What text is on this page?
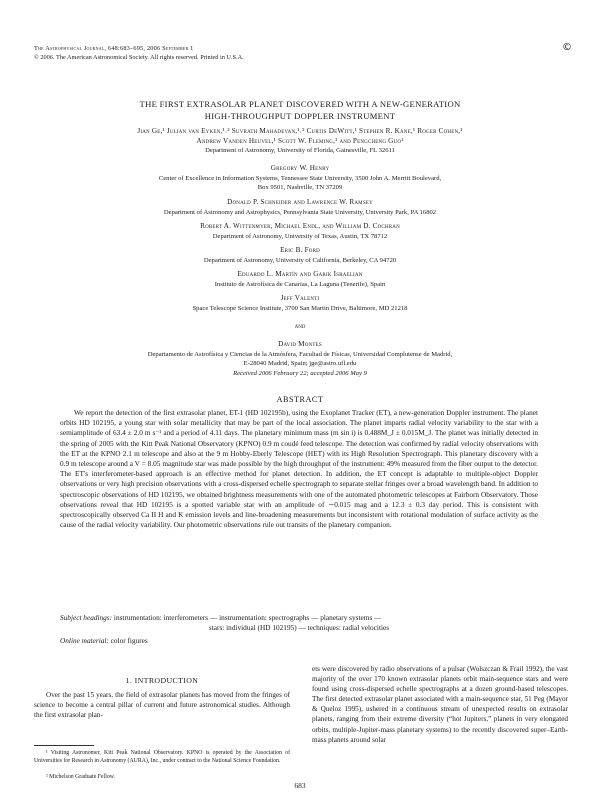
The Astrophysical Journal, 648:683–695, 2006 September 1
© 2006. The American Astronomical Society. All rights reserved. Printed in U.S.A.
©
THE FIRST EXTRASOLAR PLANET DISCOVERED WITH A NEW-GENERATION
HIGH-THROUGHPUT DOPPLER INSTRUMENT
Jian Ge,¹ Julian van Eyken,¹˒² Suvrath Mahadevan,¹˒² Curtis DeWitt,¹ Stephen R. Kane,¹ Roger Cohen,¹
Andrew Vanden Heuvel,¹ Scott W. Fleming,¹ and Pengcheng Guo¹
Department of Astronomy, University of Florida, Gainesville, FL 32611
Gregory W. Henry
Center of Excellence in Information Systems, Tennessee State University, 3500 John A. Merritt Boulevard,
Box 9501, Nashville, TN 37209
Donald P. Schneider and Lawrence W. Ramsey
Department of Astronomy and Astrophysics, Pennsylvania State University, University Park, PA 16802
Robert A. Wittenmyer, Michael Endl, and William D. Cochran
Department of Astronomy, University of Texas, Austin, TX 78712
Eric B. Ford
Department of Astronomy, University of California, Berkeley, CA 94720
Eduardo L. Martín and Garik Israelian
Instituto de Astrofísica de Canarias, La Laguna (Tenerife), Spain
Jeff Valenti
Space Telescope Science Institute, 3700 San Martin Drive, Baltimore, MD 21218
and
David Montes
Departamento de Astrofísica y Ciencias de la Atmósfera, Facultad de Físicas, Universidad Complutense de Madrid,
E-28040 Madrid, Spain; jge@astro.ufl.edu
Received 2006 February 22; accepted 2006 May 9
ABSTRACT
We report the detection of the first extrasolar planet, ET-1 (HD 102195b), using the Exoplanet Tracker (ET), a new-generation Doppler instrument. The planet orbits HD 102195, a young star with solar metallicity that may be part of the local association. The planet imparts radial velocity variability to the star with a semiamplitude of 63.4 ± 2.0 m s⁻¹ and a period of 4.11 days. The planetary minimum mass (m sin i) is 0.488M_J ± 0.015M_J. The planet was initially detected in the spring of 2005 with the Kitt Peak National Observatory (KPNO) 0.9 m coudé feed telescope. The detection was confirmed by radial velocity observations with the ET at the KPNO 2.1 m telescope and also at the 9 m Hobby-Eberly Telescope (HET) with its High Resolution Spectrograph. This planetary discovery with a 0.9 m telescope around a V = 8.05 magnitude star was made possible by the high throughput of the instrument: 49% measured from the fiber output to the detector. The ET's interferometer-based approach is an effective method for planet detection. In addition, the ET concept is adaptable to multiple-object Doppler observations or very high precision observations with a cross-dispersed echelle spectrograph to separate stellar fringes over a broad wavelength band. In addition to spectroscopic observations of HD 102195, we obtained brightness measurements with one of the automated photometric telescopes at Fairborn Observatory. Those observations reveal that HD 102195 is a spotted variable star with an amplitude of ∼0.015 mag and a 12.3 ± 0.3 day period. This is consistent with spectroscopically observed Ca II H and K emission levels and line-broadening measurements but inconsistent with rotational modulation of surface activity as the cause of the radial velocity variability. Our photometric observations rule out transits of the planetary companion.
Subject headings: instrumentation: interferometers — instrumentation: spectrographs — planetary systems —
stars: individual (HD 102195) — techniques: radial velocities
Online material: color figures
1. INTRODUCTION
Over the past 15 years, the field of extrasolar planets has moved from the fringes of science to become a central pillar of current and future astronomical studies. Although the first extrasolar plan-
ets were discovered by radio observations of a pulsar (Wolszczan & Frail 1992), the vast majority of the over 170 known extrasolar planets orbit main-sequence stars and were found using cross-dispersed echelle spectrographs at a dozen ground-based telescopes. The first detected extrasolar planet associated with a main-sequence star, 51 Peg (Mayor & Queloz 1995), ushered in a continuous stream of unexpected results on extrasolar planets, ranging from their extreme diversity (“hot Jupiters,” planets in very elongated orbits, multiple-Jupiter-mass planetary systems) to the recently discovered super–Earth-mass planets around solar
¹ Visiting Astronomer, Kitt Peak National Observatory. KPNO is operated by the Association of Universities for Research in Astronomy (AURA), Inc., under contract to the National Science Foundation.
² Michelson Graduate Fellow.
683
